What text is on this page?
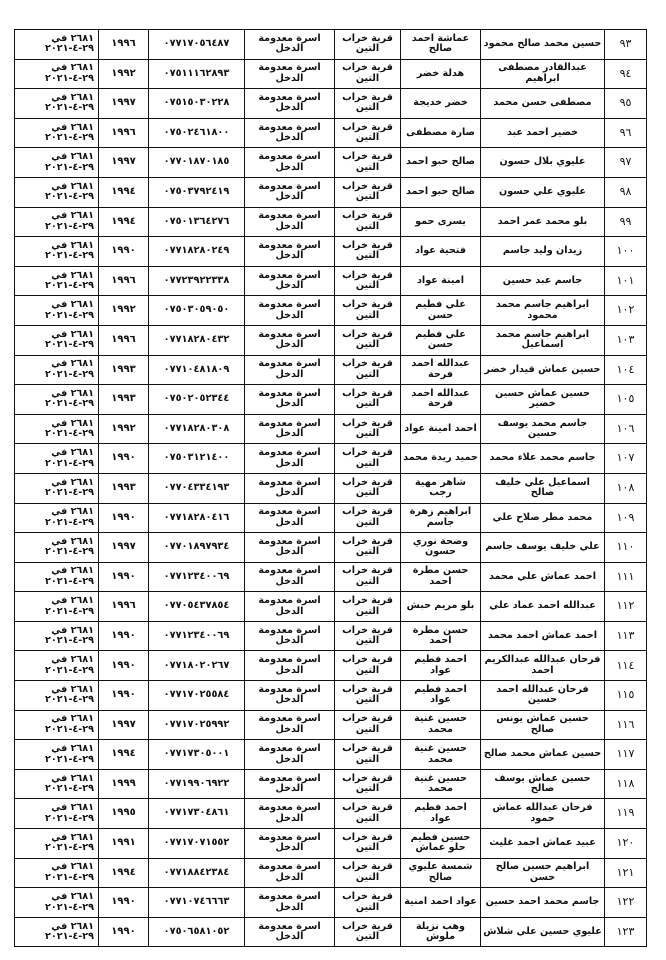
٩٣	حسين محمد صالح محمود	عماشة احمد صالح	قرية خراب التين	اسرة معدومة الدخل	٠٧٧١٧٠٥٦٤٨٧	١٩٩٦	٢٦٨١ في ٢٩-٤-٢٠٢١
٩٤	عبدالقادر مصطفى ابراهيم	هدلة خضر	قرية خراب التين	اسرة معدومة الدخل	٠٧٥١١١٦٢٨٩٣	١٩٩٢	٢٦٨١ في ٢٩-٤-٢٠٢١
٩٥	مصطفى حسن محمد	خضر خديجة	قرية خراب التين	اسرة معدومة الدخل	٠٧٥١٥٠٣٠٢٢٨	١٩٩٧	٢٦٨١ في ٢٩-٤-٢٠٢١
٩٦	خضير احمد عبد	صارة مصطفى	قرية خراب التين	اسرة معدومة الدخل	٠٧٥٠٢٤٦١٨٠٠	١٩٩٦	٢٦٨١ في ٢٩-٤-٢٠٢١
٩٧	عليوي بلال حسون	صالح حبو احمد	قرية خراب التين	اسرة معدومة الدخل	٠٧٧٠١٨٧٠١٨٥	١٩٩٧	٢٦٨١ في ٢٩-٤-٢٠٢١
٩٨	عليوي علي حسون	صالح حبو احمد	قرية خراب التين	اسرة معدومة الدخل	٠٧٥٠٣٧٩٢٤١٩	١٩٩٤	٢٦٨١ في ٢٩-٤-٢٠٢١
٩٩	بلو محمد عمر احمد	يسرى حمو	قرية خراب التين	اسرة معدومة الدخل	٠٧٥٠١٣٦٤٢٧٦	١٩٩٤	٢٦٨١ في ٢٩-٤-٢٠٢١
١٠٠	زيدان وليد جاسم	فتحية عواد	قرية خراب التين	اسرة معدومة الدخل	٠٧٧١٨٢٨٠٢٤٩	١٩٩٠	٢٦٨١ في ٢٩-٤-٢٠٢١
١٠١	جاسم عبد حسين	امينة عواد	قرية خراب التين	اسرة معدومة الدخل	٠٧٧٢٣٩٢٢٣٣٨	١٩٩٦	٢٦٨١ في ٢٩-٤-٢٠٢١
١٠٢	ابراهيم جاسم محمد محمود	علي فطيم حسن	قرية خراب التين	اسرة معدومة الدخل	٠٧٥٠٣٠٥٩٠٥٠	١٩٩٢	٢٦٨١ في ٢٩-٤-٢٠٢١
١٠٣	ابراهيم جاسم محمد اسماعيل	علي فطيم حسن	قرية خراب التين	اسرة معدومة الدخل	٠٧٧١٨٢٨٠٤٣٢	١٩٩٦	٢٦٨١ في ٢٩-٤-٢٠٢١
١٠٤	حسين عماش قيدار خضر	عبدالله احمد فرحة	قرية خراب التين	اسرة معدومة الدخل	٠٧٧١٠٤٨١٨٠٩	١٩٩٣	٢٦٨١ في ٢٩-٤-٢٠٢١
١٠٥	حسين عماش حسين خضير	عبدالله احمد فرحة	قرية خراب التين	اسرة معدومة الدخل	٠٧٥٠٢٠٥٢٣٤٤	١٩٩٣	٢٦٨١ في ٢٩-٤-٢٠٢١
١٠٦	جاسم محمد يوسف حسين	احمد امينة عواد	قرية خراب التين	اسرة معدومة الدخل	٠٧٧١٨٢٨٠٣٠٨	١٩٩٢	٢٦٨١ في ٢٩-٤-٢٠٢١
١٠٧	جاسم محمد علاء محمد	حميد ريدة محمد	قرية خراب التين	اسرة معدومة الدخل	٠٧٥٠٣١٢١٤٠٠	١٩٩٠	٢٦٨١ في ٢٩-٤-٢٠٢١
١٠٨	اسماعيل علي خليف صالح	شاهر مهية رجب	قرية خراب التين	اسرة معدومة الدخل	٠٧٧٠٤٣٣٤١٩٣	١٩٩٣	٢٦٨١ في ٢٩-٤-٢٠٢١
١٠٩	محمد مطر صلاح علي	ابراهيم زهرة جاسم	قرية خراب التين	اسرة معدومة الدخل	٠٧٧١٨٢٨٠٤١٦	١٩٩٠	٢٦٨١ في ٢٩-٤-٢٠٢١
١١٠	علي خليف يوسف جاسم	وضحة نوري حسون	قرية خراب التين	اسرة معدومة الدخل	٠٧٧٠١٨٩٧٩٣٤	١٩٩٧	٢٦٨١ في ٢٩-٤-٢٠٢١
١١١	احمد عماش علي محمد	حسن مطرة احمد	قرية خراب التين	اسرة معدومة الدخل	٠٧٧١٢٣٤٠٠٦٩	١٩٩٠	٢٦٨١ في ٢٩-٤-٢٠٢١
١١٢	عبدالله احمد عماد علي	بلو مريم حبش	قرية خراب التين	اسرة معدومة الدخل	٠٧٧٠٥٤٣٧٨٥٤	١٩٩٦	٢٦٨١ في ٢٩-٤-٢٠٢١
١١٣	احمد عماش احمد محمد	حسن مطرة احمد	قرية خراب التين	اسرة معدومة الدخل	٠٧٧١٢٣٤٠٠٦٩	١٩٩٠	٢٦٨١ في ٢٩-٤-٢٠٢١
١١٤	فرحان عبدالله عبدالكريم احمد	احمد فطيم عواد	قرية خراب التين	اسرة معدومة الدخل	٠٧٧١٨٠٢٠٢٦٧	١٩٩٠	٢٦٨١ في ٢٩-٤-٢٠٢١
١١٥	فرحان عبدالله احمد حسين	احمد فطيم عواد	قرية خراب التين	اسرة معدومة الدخل	٠٧٧١٧٠٢٥٥٨٤	١٩٩٠	٢٦٨١ في ٢٩-٤-٢٠٢١
١١٦	حسين عماش يونس صالح	حسين غنية محمد	قرية خراب التين	اسرة معدومة الدخل	٠٧٧١٧٠٢٥٩٩٢	١٩٩٧	٢٦٨١ في ٢٩-٤-٢٠٢١
١١٧	حسين عماش محمد صالح	حسين غنية محمد	قرية خراب التين	اسرة معدومة الدخل	٠٧٧١٧٣٠٥٠٠١	١٩٩٤	٢٦٨١ في ٢٩-٤-٢٠٢١
١١٨	حسين عماش يوسف صالح	حسين غنية محمد	قرية خراب التين	اسرة معدومة الدخل	٠٧٧١٩٩٠٦٩٢٢	١٩٩٩	٢٦٨١ في ٢٩-٤-٢٠٢١
١١٩	فرحان عبدالله عماش حمود	احمد فطيم عواد	قرية خراب التين	اسرة معدومة الدخل	٠٧٧١٧٣٠٤٨٦١	١٩٩٥	٢٦٨١ في ٢٩-٤-٢٠٢١
١٢٠	عبيد عماش احمد غليث	حسين فطيم حلو عماش	قرية خراب التين	اسرة معدومة الدخل	٠٧٧١٧٠٧١٥٥٢	١٩٩١	٢٦٨١ في ٢٩-٤-٢٠٢١
١٢١	ابراهيم حسين صالح حسن	شمسة عليوي صالح	قرية خراب التين	اسرة معدومة الدخل	٠٧٧١٨٨٤٢٣٨٤	١٩٩٤	٢٦٨١ في ٢٩-٤-٢٠٢١
١٢٢	جاسم محمد احمد حسين	عواد احمد امنية	قرية خراب التين	اسرة معدومة الدخل	٠٧٧١٠٧٤٦٦٦٣	١٩٩٠	٢٦٨١ في ٢٩-٤-٢٠٢١
١٢٣	عليوي حسين علي شلاش	وهب نزيلة ملوش	قرية خراب التين	اسرة معدومة الدخل	٠٧٥٠٦٥٨١٠٥٢	١٩٩٠	٢٦٨١ في ٢٩-٤-٢٠٢١
